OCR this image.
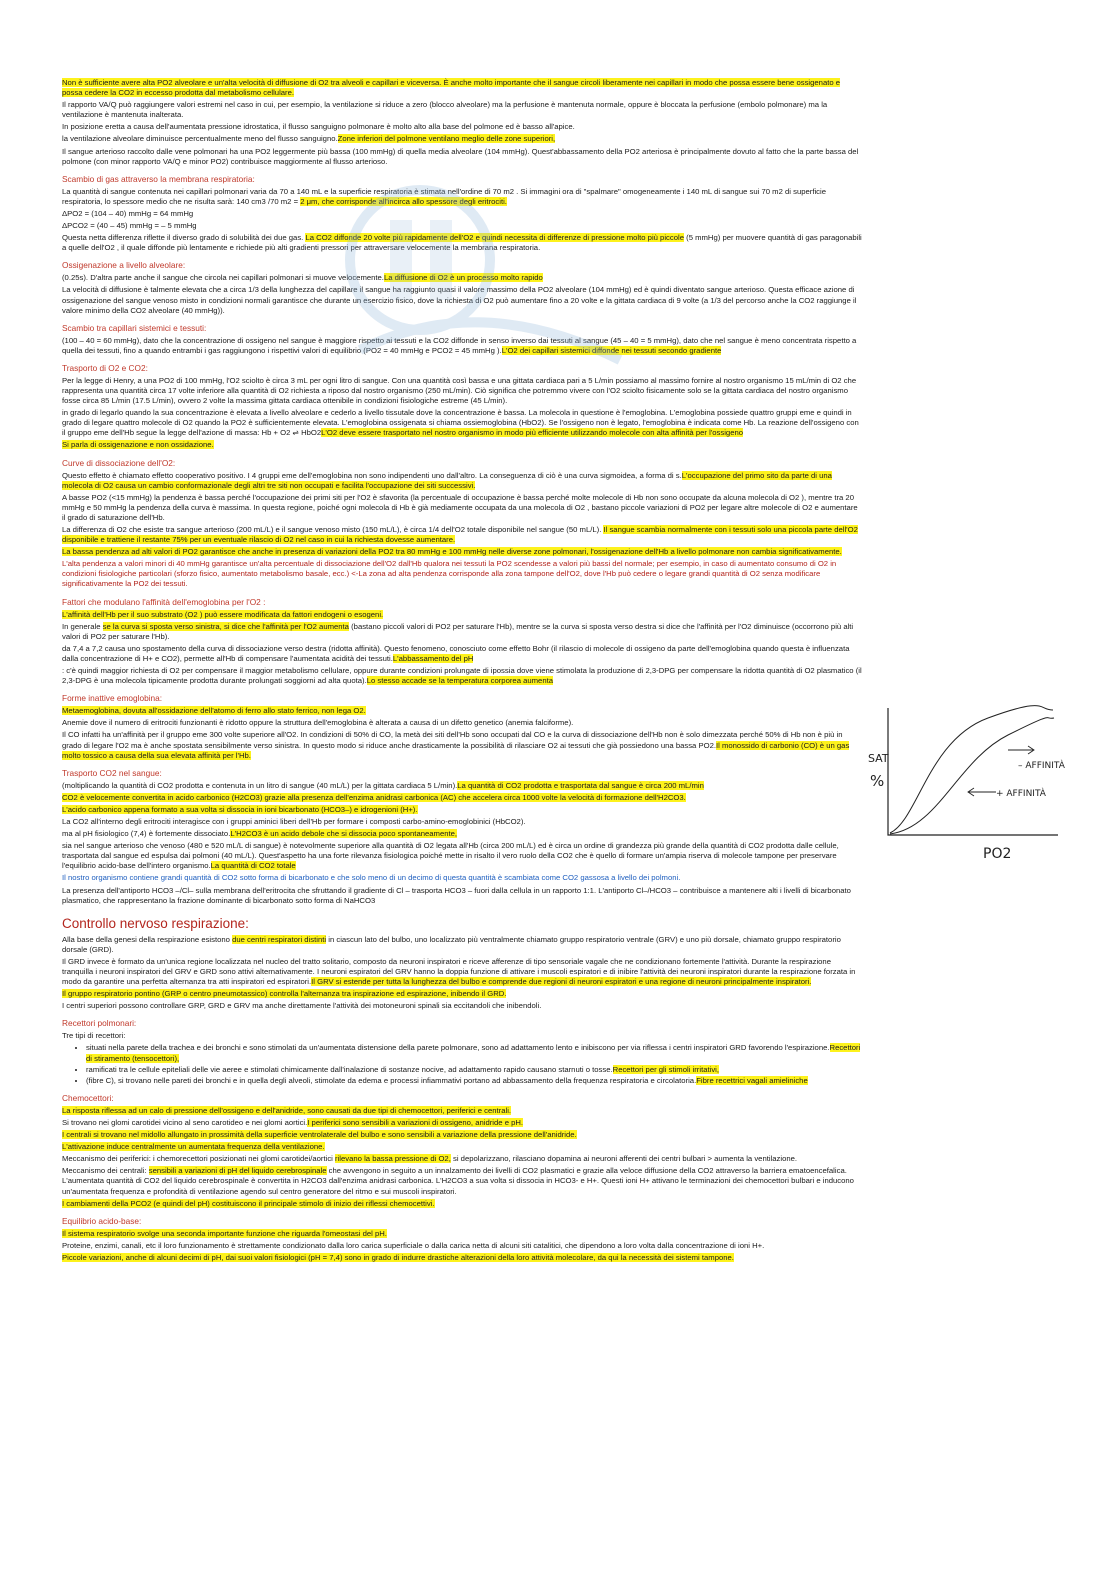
Non è sufficiente avere alta PO2 alveolare e un'alta velocità di diffusione di O2 tra alveoli e capillari e viceversa. È anche molto importante che il sangue circoli liberamente nei capillari in modo che possa essere bene ossigenato e possa cedere la CO2 in eccesso prodotta dal metabolismo cellulare.

Il rapporto VA/Q può raggiungere valori estremi nel caso in cui, per esempio, la ventilazione si riduce a zero (blocco alveolare) ma la perfusione è mantenuta normale, oppure è bloccata la perfusione (embolo polmonare) ma la ventilazione è mantenuta inalterata.

In posizione eretta a causa dell'aumentata pressione idrostatica, il flusso sanguigno polmonare è molto alto alla base del polmone ed è basso all'apice.

la ventilazione alveolare diminuisce percentualmente meno del flusso sanguigno.Zone inferiori del polmone ventilano meglio delle zone superiori,

Il sangue arterioso raccolto dalle vene polmonari ha una PO2 leggermente più bassa (100 mmHg) di quella media alveolare (104 mmHg). Quest'abbassamento della PO2 arteriosa è principalmente dovuto al fatto che la parte bassa del polmone (con minor rapporto VA/Q e minor PO2) contribuisce maggiormente al flusso arterioso.

Scambio di gas attraverso la membrana respiratoria:

La quantità di sangue contenuta nei capillari polmonari varia da 70 a 140 mL e la superficie respiratoria è stimata nell'ordine di 70 m2 . Si immagini ora di "spalmare" omogeneamente i 140 mL di sangue sui 70 m2 di superficie respiratoria, lo spessore medio che ne risulta sarà: 140 cm3 /70 m2 = 2 μm, che corrisponde all'incirca allo spessore degli eritrociti.

ΔPO2 = (104 – 40) mmHg = 64 mmHg

ΔPCO2 = (40 – 45) mmHg = – 5 mmHg

Questa netta differenza riflette il diverso grado di solubilità dei due gas. La CO2 diffonde 20 volte più rapidamente dell'O2 e quindi necessita di differenze di pressione molto più piccole (5 mmHg) per muovere quantità di gas paragonabili a quelle dell'O2 , il quale diffonde più lentamente e richiede più alti gradienti pressori per attraversare velocemente la membrana respiratoria.

Ossigenazione a livello alveolare:

(0.25s). D'altra parte anche il sangue che circola nei capillari polmonari si muove velocemente.La diffusione di O2 è un processo molto rapido

La velocità di diffusione è talmente elevata che a circa 1/3 della lunghezza del capillare il sangue ha raggiunto quasi il valore massimo della PO2 alveolare (104 mmHg) ed è quindi diventato sangue arterioso. Questa efficace azione di ossigenazione del sangue venoso misto in condizioni normali garantisce che durante un esercizio fisico, dove la richiesta di O2 può aumentare fino a 20 volte e la gittata cardiaca di 9 volte (a 1/3 del percorso anche la CO2 raggiunge il valore minimo della CO2 alveolare (40 mmHg)).

Scambio tra capillari sistemici e tessuti:

(100 – 40 = 60 mmHg), dato che la concentrazione di ossigeno nel sangue è maggiore rispetto ai tessuti e la CO2 diffonde in senso inverso dai tessuti al sangue (45 – 40 = 5 mmHg), dato che nel sangue è meno concentrata rispetto a quella dei tessuti, fino a quando entrambi i gas raggiungono i rispettivi valori di equilibrio (PO2 = 40 mmHg e PCO2 = 45 mmHg ).L'O2 dei capillari sistemici diffonde nei tessuti secondo gradiente

Trasporto di O2 e CO2:

Per la legge di Henry, a una PO2 di 100 mmHg, l'O2 sciolto è circa 3 mL per ogni litro di sangue. Con una quantità così bassa e una gittata cardiaca pari a 5 L/min possiamo al massimo fornire al nostro organismo 15 mL/min di O2 che rappresenta una quantità circa 17 volte inferiore alla quantità di O2 richiesta a riposo dal nostro organismo (250 mL/min). Ciò significa che potremmo vivere con l'O2 sciolto fisicamente solo se la gittata cardiaca del nostro organismo fosse circa 85 L/min (17.5 L/min), ovvero 2 volte la massima gittata cardiaca ottenibile in condizioni fisiologiche estreme (45 L/min).

in grado di legarlo quando la sua concentrazione è elevata a livello alveolare e cederlo a livello tissutale dove la concentrazione è bassa. La molecola in questione è l'emoglobina. L'emoglobina possiede quattro gruppi eme e quindi in grado di legare quattro molecole di O2 quando la PO2 è sufficientemente elevata. L'emoglobina ossigenata si chiama ossiemoglobina (HbO2). Se l'ossigeno non è legato, l'emoglobina è indicata come Hb. La reazione dell'ossigeno con il gruppo eme dell'Hb segue la legge dell'azione di massa: Hb + O2 ⇌ HbO2L'O2 deve essere trasportato nel nostro organismo in modo più efficiente utilizzando molecole con alta affinità per l'ossigeno

Si parla di ossigenazione e non ossidazione.

Curve di dissociazione dell'O2:

Questo effetto è chiamato effetto cooperativo positivo. I 4 gruppi eme dell'emoglobina non sono indipendenti uno dall'altro. La conseguenza di ciò è una curva sigmoidea, a forma di s.L'occupazione del primo sito da parte di una molecola di O2 causa un cambio conformazionale degli altri tre siti non occupati e facilita l'occupazione dei siti successivi.

A basse PO2 (<15 mmHg) la pendenza è bassa perché l'occupazione dei primi siti per l'O2 è sfavorita (la percentuale di occupazione è bassa perché molte molecole di Hb non sono occupate da alcuna molecola di O2 ), mentre tra 20 mmHg e 50 mmHg la pendenza della curva è massima. In questa regione, poiché ogni molecola di Hb è già mediamente occupata da una molecola di O2 , bastano piccole variazioni di PO2 per legare altre molecole di O2 e aumentare il grado di saturazione dell'Hb.

La differenza di O2 che esiste tra sangue arterioso (200 mL/L) e il sangue venoso misto (150 mL/L), è circa 1/4 dell'O2 totale disponibile nel sangue (50 mL/L). Il sangue scambia normalmente con i tessuti solo una piccola parte dell'O2 disponibile e trattiene il restante 75% per un eventuale rilascio di O2 nel caso in cui la richiesta dovesse aumentare.

La bassa pendenza ad alti valori di PO2 garantisce che anche in presenza di variazioni della PO2 tra 80 mmHg e 100 mmHg nelle diverse zone polmonari, l'ossigenazione dell'Hb a livello polmonare non cambia significativamente.

L'alta pendenza a valori minori di 40 mmHg garantisce un'alta percentuale di dissociazione dell'O2 dall'Hb qualora nei tessuti la PO2 scendesse a valori più bassi del normale; per esempio, in caso di aumentato consumo di O2 in condizioni fisiologiche particolari (sforzo fisico, aumentato metabolismo basale, ecc.) <-La zona ad alta pendenza corrisponde alla zona tampone dell'O2, dove l'Hb può cedere o legare grandi quantità di O2 senza modificare significativamente la PO2 dei tessuti.

Fattori che modulano l'affinità dell'emoglobina per l'O2 :

L'affinità dell'Hb per il suo substrato (O2 ) può essere modificata da fattori endogeni o esogeni.

In generale se la curva si sposta verso sinistra, si dice che l'affinità per l'O2 aumenta (bastano piccoli valori di PO2 per saturare l'Hb), mentre se la curva si sposta verso destra si dice che l'affinità per l'O2 diminuisce (occorrono più alti valori di PO2 per saturare l'Hb).

da 7,4 a 7,2 causa uno spostamento della curva di dissociazione verso destra (ridotta affinità). Questo fenomeno, conosciuto come effetto Bohr (il rilascio di molecole di ossigeno da parte dell'emoglobina quando questa è influenzata dalla concentrazione di H+ e CO2), permette all'Hb di compensare l'aumentata acidità dei tessuti.L'abbassamento del pH

: c'è quindi maggior richiesta di O2 per compensare il maggior metabolismo cellulare, oppure durante condizioni prolungate di ipossia dove viene stimolata la produzione di 2,3-DPG per compensare la ridotta quantità di O2 plasmatico (il 2,3-DPG è una molecola tipicamente prodotta durante prolungati soggiorni ad alta quota).Lo stesso accade se la temperatura corporea aumenta

Forme inattive emoglobina:

Metaemoglobina, dovuta all'ossidazione dell'atomo di ferro allo stato ferrico, non lega O2.

Anemie dove il numero di eritrociti funzionanti è ridotto oppure la struttura dell'emoglobina è alterata a causa di un difetto genetico (anemia falciforme).

Il CO infatti ha un'affinità per il gruppo eme 300 volte superiore all'O2. In condizioni di 50% di CO, la metà dei siti dell'Hb sono occupati dal CO e la curva di dissociazione dell'Hb non è solo dimezzata perché 50% di Hb non è più in grado di legare l'O2 ma è anche spostata sensibilmente verso sinistra. In questo modo si riduce anche drasticamente la possibilità di rilasciare O2 ai tessuti che già possiedono una bassa PO2.Il monossido di carbonio (CO) è un gas molto tossico a causa della sua elevata affinità per l'Hb.

Trasporto CO2 nel sangue:

(moltiplicando la quantità di CO2 prodotta e contenuta in un litro di sangue (40 mL/L) per la gittata cardiaca 5 L/min).La quantità di CO2 prodotta e trasportata dal sangue è circa 200 mL/min

CO2 è velocemente convertita in acido carbonico (H2CO3) grazie alla presenza dell'enzima anidrasi carbonica (AC) che accelera circa 1000 volte la velocità di formazione dell'H2CO3.

L'acido carbonico appena formato a sua volta si dissocia in ioni bicarbonato (HCO3–) e idrogenioni (H+).

La CO2 all'interno degli eritrociti interagisce con i gruppi aminici liberi dell'Hb per formare i composti carbo-amino-emoglobinici (HbCO2).

ma al pH fisiologico (7,4) è fortemente dissociato.L'H2CO3 è un acido debole che si dissocia poco spontaneamente,

sia nel sangue arterioso che venoso (480 e 520 mL/L di sangue) è notevolmente superiore alla quantità di O2 legata all'Hb (circa 200 mL/L) ed è circa un ordine di grandezza più grande della quantità di CO2 prodotta dalle cellule, trasportata dal sangue ed espulsa dai polmoni (40 mL/L). Quest'aspetto ha una forte rilevanza fisiologica poiché mette in risalto il vero ruolo della CO2 che è quello di formare un'ampia riserva di molecole tampone per preservare l'equilibrio acido-base dell'intero organismo.La quantità di CO2 totale

Il nostro organismo contiene grandi quantità di CO2 sotto forma di bicarbonato e che solo meno di un decimo di questa quantità è scambiata come CO2 gassosa a livello dei polmoni.

La presenza dell'antiporto HCO3 –/Cl– sulla membrana dell'eritrocita che sfruttando il gradiente di Cl – trasporta HCO3 – fuori dalla cellula in un rapporto 1:1. L'antiporto Cl–/HCO3 – contribuisce a mantenere alti i livelli di bicarbonato plasmatico, che rappresentano la frazione dominante di bicarbonato sotto forma di NaHCO3

Controllo nervoso respirazione:

Alla base della genesi della respirazione esistono due centri respiratori distinti in ciascun lato del bulbo, uno localizzato più ventralmente chiamato gruppo respiratorio ventrale (GRV) e uno più dorsale, chiamato gruppo respiratorio dorsale (GRD).

Il GRD invece è formato da un'unica regione localizzata nel nucleo del tratto solitario, composto da neuroni inspiratori e riceve afferenze di tipo sensoriale vagale che ne condizionano fortemente l'attività. Durante la respirazione tranquilla i neuroni inspiratori del GRV e GRD sono attivi alternativamente. I neuroni espiratori del GRV hanno la doppia funzione di attivare i muscoli espiratori e di inibire l'attività dei neuroni inspiratori durante la respirazione forzata in modo da garantire una perfetta alternanza tra atti inspiratori ed espiratori.Il GRV si estende per tutta la lunghezza del bulbo e comprende due regioni di neuroni espiratori e una regione di neuroni principalmente inspiratori.

Il gruppo respiratorio pontino (GRP o centro pneumotassico) controlla l'alternanza tra inspirazione ed espirazione, inibendo il GRD.

I centri superiori possono controllare GRP, GRD e GRV ma anche direttamente l'attività dei motoneuroni spinali sia eccitandoli che inibendoli.

Recettori polmonari:

Tre tipi di recettori:

• situati nella parete della trachea e dei bronchi e sono stimolati da un'aumentata distensione della parete polmonare, sono ad adattamento lento e inibiscono per via riflessa i centri inspiratori GRD favorendo l'espirazione.Recettori di stiramento (tensocettori),
• ramificati tra le cellule epiteliali delle vie aeree e stimolati chimicamente dall'inalazione di sostanze nocive, ad adattamento rapido causano starnuti o tosse.Recettori per gli stimoli irritativi,
• (fibre C), si trovano nelle pareti dei bronchi e in quella degli alveoli, stimolate da edema e processi infiammativi portano ad abbassamento della frequenza respiratoria e circolatoria.Fibre recettrici vagali amieliniche

Chemocettori:

La risposta riflessa ad un calo di pressione dell'ossigeno e dell'anidride, sono causati da due tipi di chemocettori, periferici e centrali.

Si trovano nei glomi carotidei vicino al seno carotideo e nei glomi aortici.I periferici sono sensibili a variazioni di ossigeno, anidride e pH.

I centrali si trovano nel midollo allungato in prossimità della superficie ventrolaterale del bulbo e sono sensibili a variazione della pressione dell'anidride.

L'attivazione induce centralmente un aumentata frequenza della ventilazione.

Meccanismo dei periferici: i chemorecettori posizionati nei glomi carotidei/aortici rilevano la bassa pressione di O2, si depolarizzano, rilasciano dopamina ai neuroni afferenti dei centri bulbari > aumenta la ventilazione.

Meccanismo dei centrali: sensibili a variazioni di pH del liquido cerebrospinale che avvengono in seguito a un innalzamento dei livelli di CO2 plasmatici e grazie alla veloce diffusione della CO2 attraverso la barriera ematoencefalica. L'aumentata quantità di CO2 del liquido cerebrospinale è convertita in H2CO3 dall'enzima anidrasi carbonica. L'H2CO3 a sua volta si dissocia in HCO3- e H+. Questi ioni H+ attivano le terminazioni dei chemocettori bulbari e inducono un'aumentata frequenza e profondità di ventilazione agendo sul centro generatore del ritmo e sui muscoli inspiratori.

I cambiamenti della PCO2 (e quindi del pH) costituiscono il principale stimolo di inizio dei riflessi chemocettivi.

Equilibrio acido-base:

Il sistema respiratorio svolge una seconda importante funzione che riguarda l'omeostasi del pH.

Proteine, enzimi, canali, etc il loro funzionamento è strettamente condizionato dalla loro carica superficiale o dalla carica netta di alcuni siti catalitici, che dipendono a loro volta dalla concentrazione di ioni H+.

Piccole variazioni, anche di alcuni decimi di pH, dai suoi valori fisiologici (pH = 7,4) sono in grado di indurre drastiche alterazioni della loro attività molecolare, da qui la necessità dei sistemi tampone.

SAT
%
PO2
– AFFINITÀ
+ AFFINITÀ
